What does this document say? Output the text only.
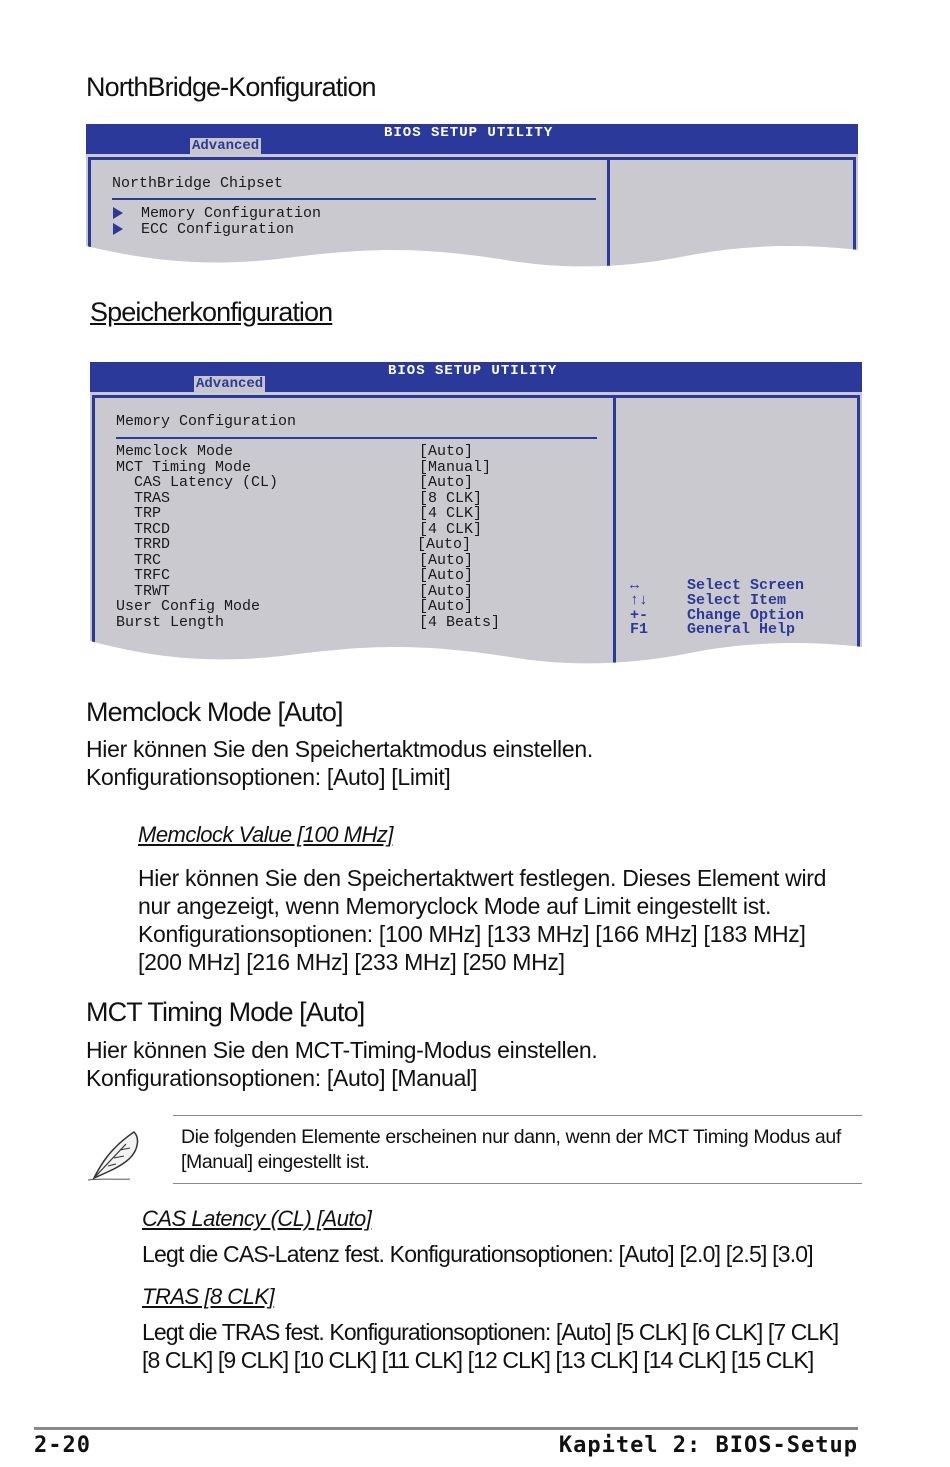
NorthBridge-Konfiguration
BIOS SETUP UTILITY
Advanced
NorthBridge Chipset
Memory Configuration
ECC Configuration
Speicherkonfiguration
BIOS SETUP UTILITY
Advanced
Memory Configuration
Memclock Mode	[Auto]
MCT Timing Mode	[Manual]
CAS Latency (CL)	[Auto]
TRAS	[8 CLK]
TRP	[4 CLK]
TRCD	[4 CLK]
TRRD	[Auto]
TRC	[Auto]
TRFC	[Auto]
TRWT	[Auto]
User Config Mode	[Auto]
Burst Length	[4 Beats]
↔	Select Screen
↑↓	Select Item
+-	Change Option
F1	General Help
Memclock Mode [Auto]
Hier können Sie den Speichertaktmodus einstellen.
Konfigurationsoptionen: [Auto] [Limit]
Memclock Value [100 MHz]
Hier können Sie den Speichertaktwert festlegen. Dieses Element wird
nur angezeigt, wenn Memoryclock Mode auf Limit eingestellt ist.
Konfigurationsoptionen: [100 MHz] [133 MHz] [166 MHz] [183 MHz]
[200 MHz] [216 MHz] [233 MHz] [250 MHz]
MCT Timing Mode [Auto]
Hier können Sie den MCT-Timing-Modus einstellen.
Konfigurationsoptionen: [Auto] [Manual]
Die folgenden Elemente erscheinen nur dann, wenn der MCT Timing Modus auf
[Manual] eingestellt ist.
CAS Latency (CL) [Auto]
Legt die CAS-Latenz fest. Konfigurationsoptionen: [Auto] [2.0] [2.5] [3.0]
TRAS [8 CLK]
Legt die TRAS fest. Konfigurationsoptionen: [Auto] [5 CLK] [6 CLK] [7 CLK]
[8 CLK] [9 CLK] [10 CLK] [11 CLK] [12 CLK] [13 CLK] [14 CLK] [15 CLK]
2-20	Kapitel 2: BIOS-Setup
